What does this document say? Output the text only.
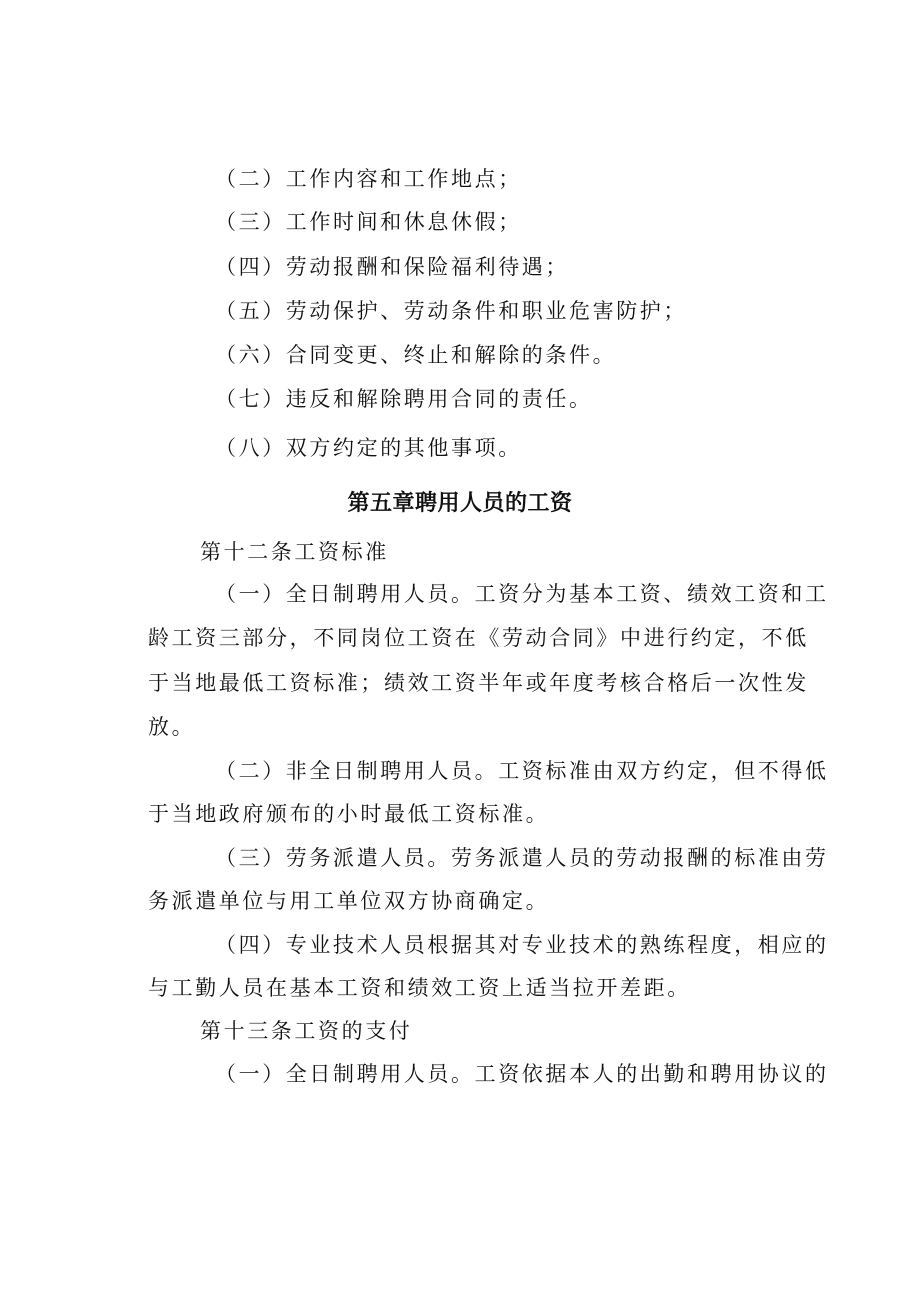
（二）工作内容和工作地点；
（三）工作时间和休息休假；
（四）劳动报酬和保险福利待遇；
（五）劳动保护、劳动条件和职业危害防护；
（六）合同变更、终止和解除的条件。
（七）违反和解除聘用合同的责任。
（八）双方约定的其他事项。
第五章聘用人员的工资
第十二条工资标准
（一）全日制聘用人员。工资分为基本工资、绩效工资和工
龄工资三部分，不同岗位工资在《劳动合同》中进行约定，不低
于当地最低工资标准；绩效工资半年或年度考核合格后一次性发
放。
（二）非全日制聘用人员。工资标准由双方约定，但不得低
于当地政府颁布的小时最低工资标准。
（三）劳务派遣人员。劳务派遣人员的劳动报酬的标准由劳
务派遣单位与用工单位双方协商确定。
（四）专业技术人员根据其对专业技术的熟练程度，相应的
与工勤人员在基本工资和绩效工资上适当拉开差距。
第十三条工资的支付
（一）全日制聘用人员。工资依据本人的出勤和聘用协议的
